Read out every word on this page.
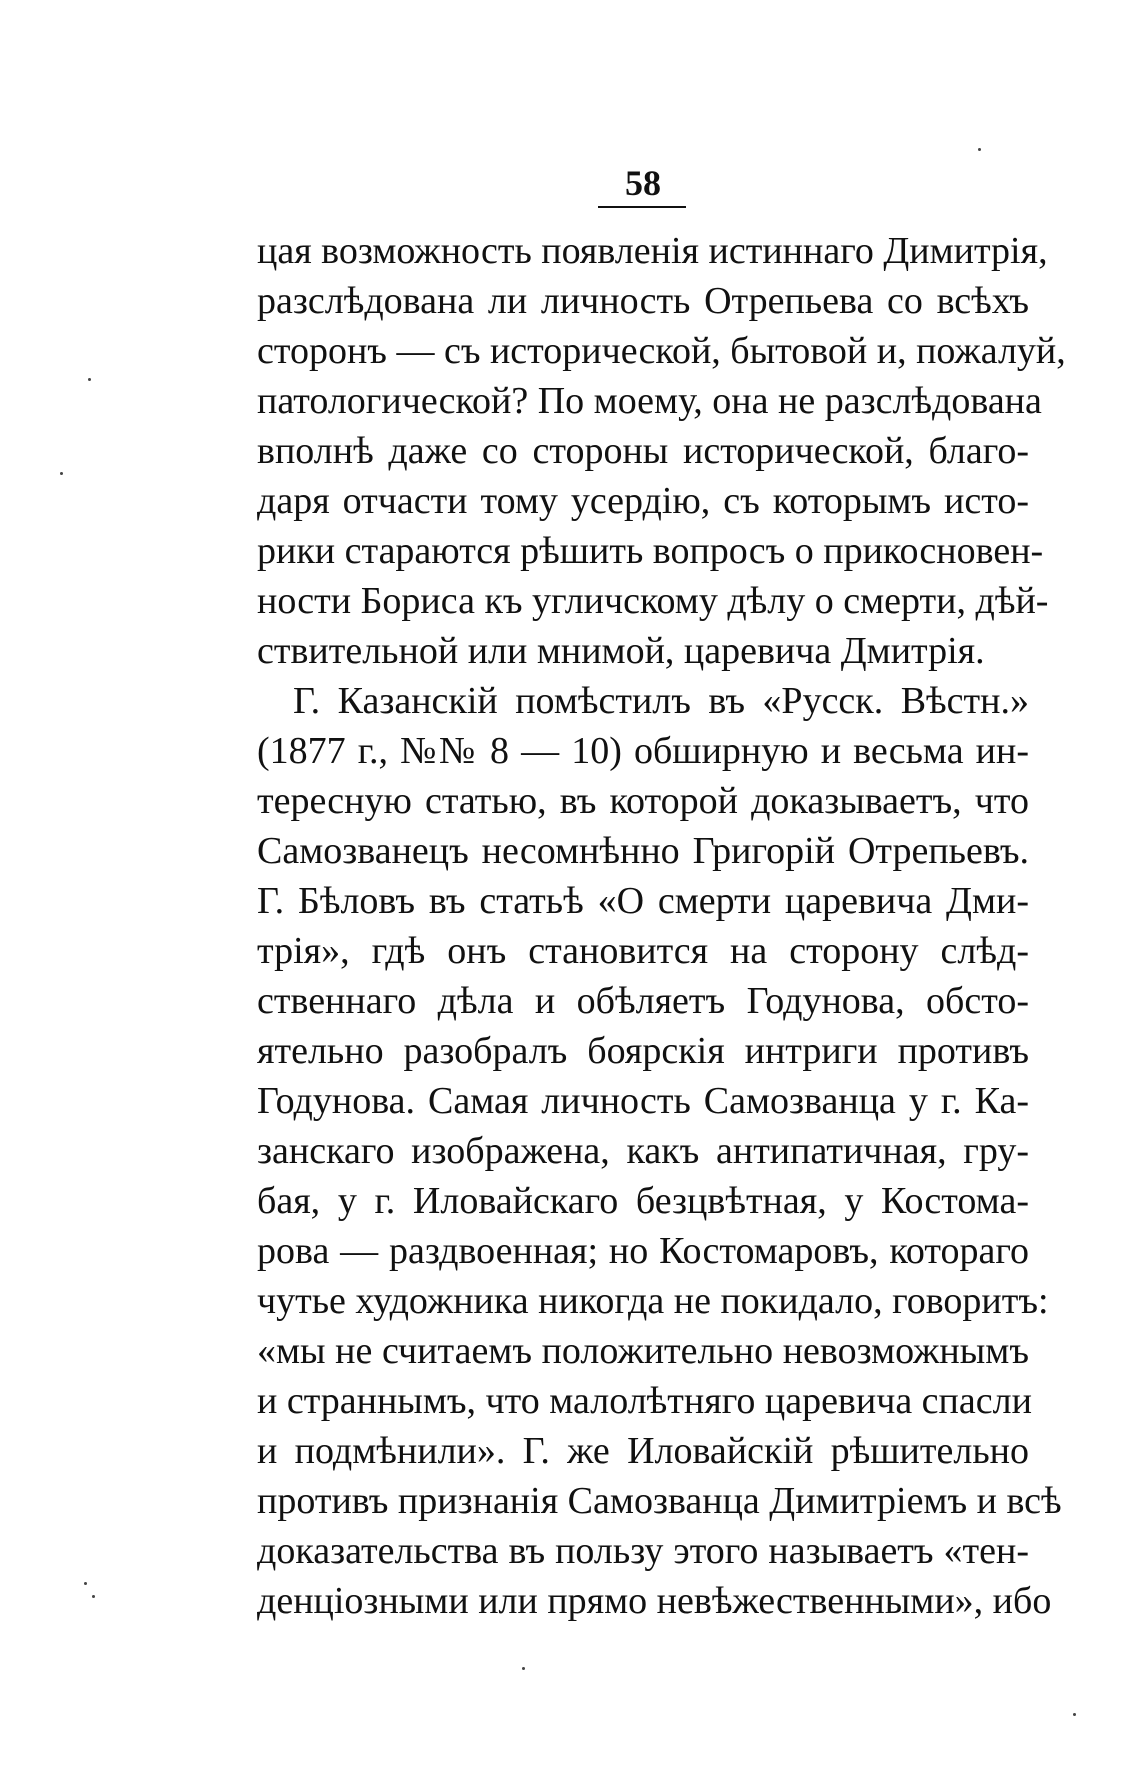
58
цая возможность появленія истиннаго Димитрія,
разслѣдована ли личность Отрепьева со всѣхъ
сторонъ — съ исторической, бытовой и, пожалуй,
патологической? По моему, она не разслѣдована
вполнѣ даже со стороны исторической, благо-
даря отчасти тому усердію, съ которымъ исто-
рики стараются рѣшить вопросъ о прикосновен-
ности Бориса къ угличскому дѣлу о смерти, дѣй-
ствительной или мнимой, царевича Дмитрія.
Г. Казанскій помѣстилъ въ «Русск. Вѣстн.»
(1877 г., №№ 8 — 10) обширную и весьма ин-
тересную статью, въ которой доказываетъ, что
Самозванецъ несомнѣнно Григорій Отрепьевъ.
Г. Бѣловъ въ статьѣ «О смерти царевича Дми-
трія», гдѣ онъ становится на сторону слѣд-
ственнаго дѣла и обѣляетъ Годунова, обсто-
ятельно разобралъ боярскія интриги противъ
Годунова. Самая личность Самозванца у г. Ка-
занскаго изображена, какъ антипатичная, гру-
бая, у г. Иловайскаго безцвѣтная, у Костома-
рова — раздвоенная; но Костомаровъ, котораго
чутье художника никогда не покидало, говоритъ:
«мы не считаемъ положительно невозможнымъ
и страннымъ, что малолѣтняго царевича спасли
и подмѣнили». Г. же Иловайскій рѣшительно
противъ признанія Самозванца Димитріемъ и всѣ
доказательства въ пользу этого называетъ «тен-
денціозными или прямо невѣжественными», ибо
